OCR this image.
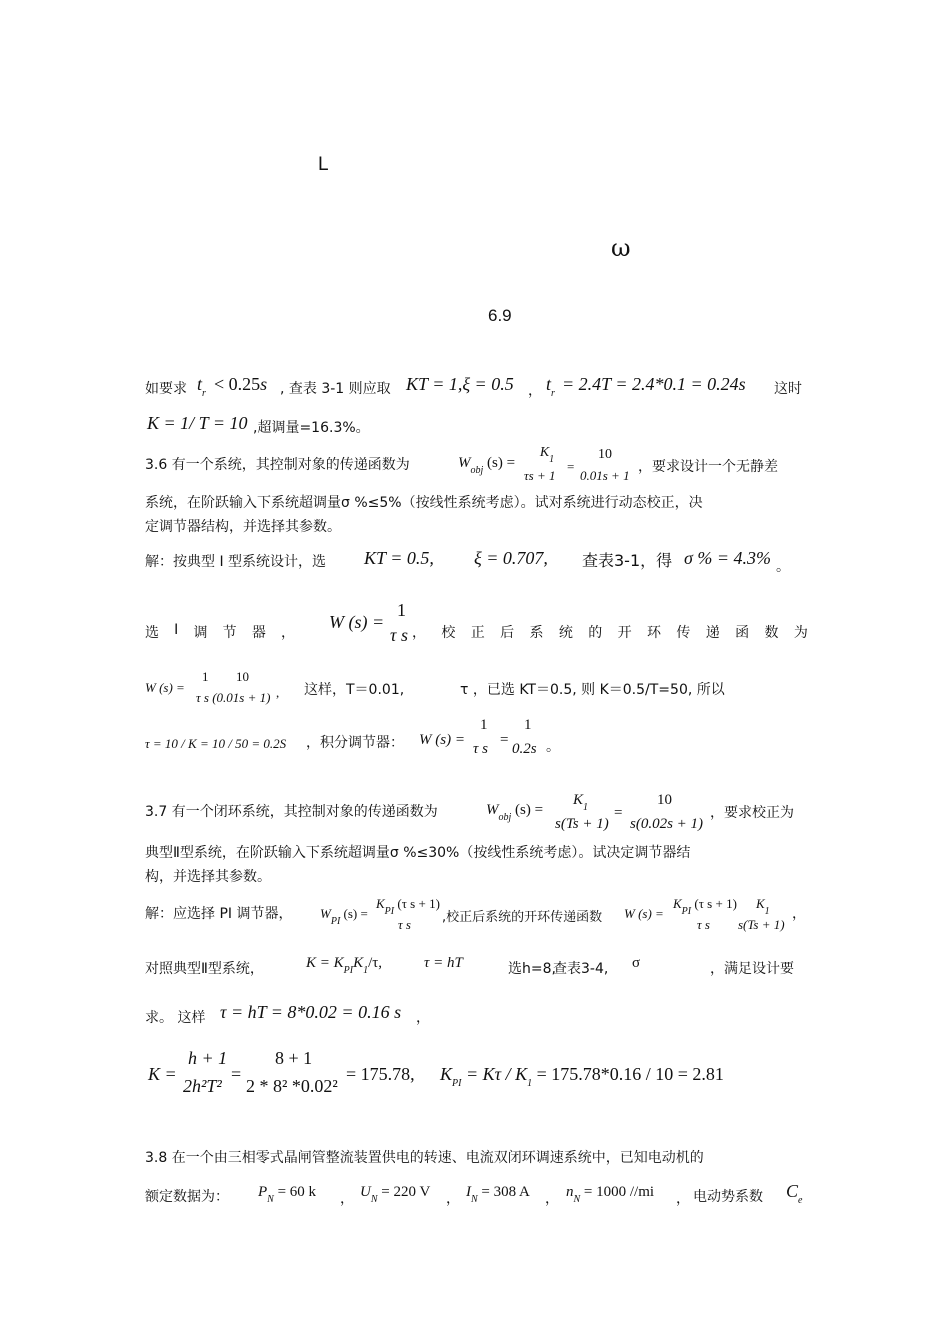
L
ω
6.9
如要求 $t_r < 0.25s$ , 查表 3-1 则应取 KT = 1,ξ = 0.5 ， $t_r = 2.4T = 2.4*0.1 = 0.24s$ 这时
K = 1/ T = 10 ,超调量=16.3%。
3.6 有一个系统，其控制对象的传递函数为	$W_{obj}$ (s) =
K1
τs + 1
=
10
0.01s + 1
，要求设计一个无静差
系统，在阶跃输入下系统超调量σ %≤5%（按线性系统考虑）。试对系统进行动态校正，决
定调节器结构，并选择其参数。
解：按典型 I 型系统设计，选 KT = 0.5, ξ = 0.707, 查表3-1，得 σ % = 4.3% 。
选 I 调 节 器 ，
W (s) =
1
τ s ， 校 正 后 系 统 的 开 环 传 递 函 数 为
W (s) =
1 10
τ s (0.01s + 1) , 这样，T＝0.01,	τ ，已选 KT＝0.5, 则 K＝0.5/T=50, 所以
τ = 10 / K = 10 / 50 = 0.2S ，积分调节器： W (s) =
1
τ s
=
1
0.2s 。
3.7 有一个闭环系统，其控制对象的传递函数为	$W_{obj}$ (s) =
$K_1$
s(Ts + 1)
=
10
s(0.02s + 1)
，要求校正为
典型Ⅱ型系统，在阶跃输入下系统超调量σ %≤30%（按线性系统考虑）。试决定调节器结
构，并选择其参数。
解：应选择 PI 调节器， $W_{PI}$ (s) =
$K_{PI}$ (τ s + 1)
τ s ,校正后系统的开环传递函数 W (s) =
$K_{PI}$ (τ s + 1)
τ s
$K_1$
s(Ts + 1)
，
对照典型Ⅱ型系统，	$K = K_{PI}K_1/\tau$,	τ = hT	选h=8,
查表3-4, σ	，满足设计要
求。 这样 τ = hT = 8*0.02 = 0.16 s ，
K =
h + 1
2h²T²
=
8 + 1
2 * 8² *0.02²
= 175.78, $K_{PI} = K\tau / K_1 = 175.78*0.16 / 10 = 2.81$
3.8 在一个由三相零式晶闸管整流装置供电的转速、电流双闭环调速系统中，已知电动机的
额定数据为： $P_N = 60$ k ， $U_N = 220$ V ， $I_N = 308$ A ， $n_N = 1000$ //mi ， 电动势系数 $C_e$
